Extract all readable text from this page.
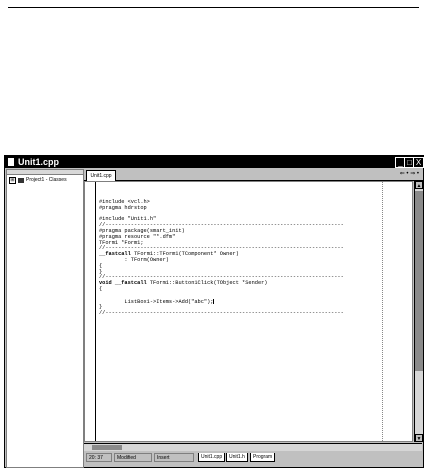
Unit1.cpp	_ □ X
⊞ Project1 - Classes
Unit1.cpp	⇐ • ⇒ •
#include <vcl.h>
#pragma hdrstop

#include "Unit1.h"
//---------------------------------------------------------------------------
#pragma package(smart_init)
#pragma resource "*.dfm"
TForm1 *Form1;
//---------------------------------------------------------------------------
__fastcall TForm1::TForm1(TComponent* Owner)
: TForm(Owner)
{
}
//---------------------------------------------------------------------------
void __fastcall TForm1::Button1Click(TObject *Sender)
{

ListBox1->Items->Add("abc");
}
//---------------------------------------------------------------------------
▲
▼
20: 37	Modified	Insert	Unit1.cpp	Unit1.h	Program
